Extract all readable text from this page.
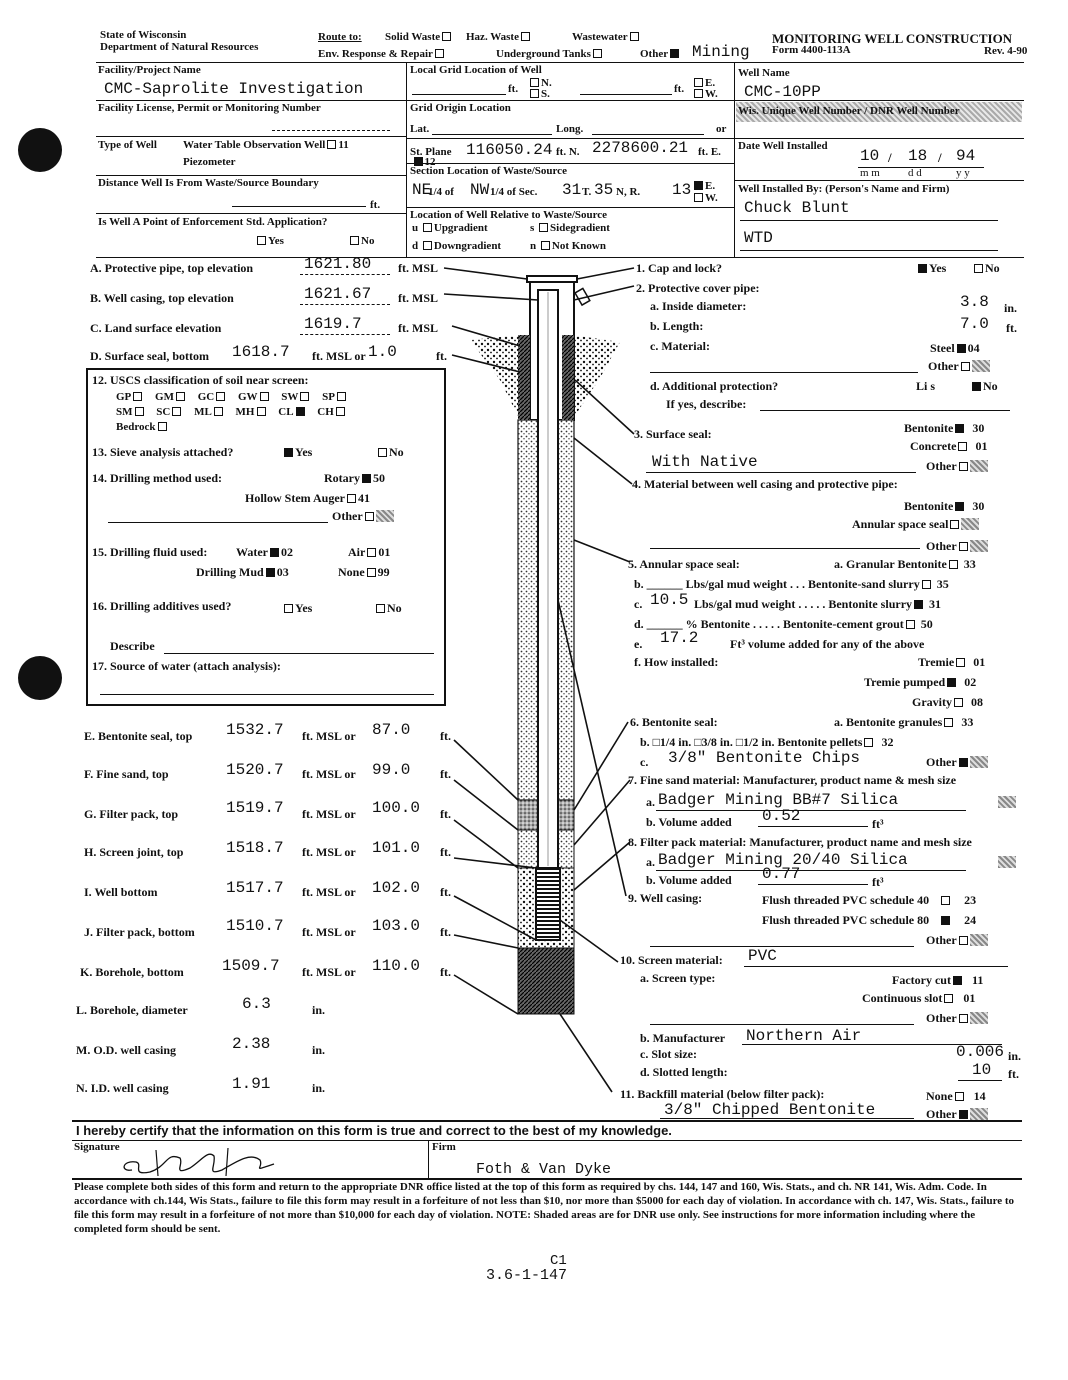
State of Wisconsin
Department of Natural Resources
Route to: Solid Waste	Haz. Waste	Wastewater
Env. Response & Repair	Underground Tanks	Other	Mining
MONITORING WELL CONSTRUCTION
Form 4400-113A	Rev. 4-90
Facility/Project Name
CMC-Saprolite Investigation
Facility License, Permit or Monitoring Number
Type of Well Water Table Observation Well 11
Piezometer	12
Distance Well Is From Waste/Source Boundary
ft.
Is Well A Point of Enforcement Std. Application?
Yes	No
Local Grid Location of Well
ft.	N.
S.	ft.	E.
W.
Grid Origin Location
Lat.	Long.	or
St. Plane 116050.24 ft. N. 2278600.21 ft. E.
Section Location of Waste/Source
NE
1/4 of NW 1/4 of Sec. 31 T. 35 N, R. 13	E.
W.
Location of Well Relative to Waste/Source
u Upgradient	s Sidegradient
d Downgradient	n Not Known
Well Name
CMC-10PP
Wis. Unique Well Number / DNR Well Number
Date Well Installed
10 18 94
/	/
m m	d d	y y
Well Installed By: (Person's Name and Firm)
Chuck Blunt
WTD
A. Protective pipe, top elevation	1621.80 ft. MSL
B. Well casing, top elevation	1621.67 ft. MSL
C. Land surface elevation	1619.7	ft. MSL
D. Surface seal, bottom 1618.7 ft. MSL or 1.0	ft.
12. USCS classification of soil near screen:
GP GM GC GW SW SP
SM SC ML MH CL CH
Bedrock
13. Sieve analysis attached?	Yes	No
14. Drilling method used:	Rotary 50
Hollow Stem Auger 41
Other
15. Drilling fluid used: Water 02	Air 01
Drilling Mud 03	None 99
16. Drilling additives used?	Yes	No
Describe
17. Source of water (attach analysis):
E. Bentonite seal, top 1532.7 ft. MSL or 87.0 ft.
F. Fine sand, top	1520.7 ft. MSL or 99.0 ft.
G. Filter pack, top	1519.7 ft. MSL or 100.0 ft.
H. Screen joint, top	1518.7 ft. MSL or 101.0 ft.
I. Well bottom	1517.7 ft. MSL or 102.0 ft.
J. Filter pack, bottom 1510.7 ft. MSL or 103.0 ft.
K. Borehole, bottom 1509.7 ft. MSL or 110.0 ft.
L. Borehole, diameter	6.3	in.
M. O.D. well casing	2.38	in.
N. I.D. well casing	1.91	in.
1. Cap and lock?	Yes	No
2. Protective cover pipe:
a. Inside diameter:	3.8 in.
b. Length:	7.0 ft.
c. Material:	Steel 04
Other
d. Additional protection?	Li s	No
If yes, describe:
3. Surface seal:	Bentonite 30
Concrete 01
With Native	Other
4. Material between well casing and protective pipe:
Bentonite 30
Annular space seal
Other
5. Annular space seal:	a. Granular Bentonite 33
b. ______ Lbs/gal mud weight . . . Bentonite-sand slurry 35
c. 10.5 Lbs/gal mud weight . . . . . Bentonite slurry 31
d. ______ % Bentonite . . . . . Bentonite-cement grout 50
e. 17.2	Ft³ volume added for any of the above
f. How installed:	Tremie 01
Tremie pumped 02
Gravity 08
6. Bentonite seal:	a. Bentonite granules 33
b. □1/4 in. □3/8 in. □1/2 in. Bentonite pellets 32
c. 3/8" Bentonite Chips	Other
7. Fine sand material: Manufacturer, product name & mesh size
a. Badger Mining BB#7 Silica
b. Volume added 0.52	ft³
8. Filter pack material: Manufacturer, product name and mesh size
a. Badger Mining 20/40 Silica
b. Volume added 0.77	ft³
9. Well casing:	Flush threaded PVC schedule 40	23
Flush threaded PVC schedule 80	24
Other
10. Screen material: PVC
a. Screen type:	Factory cut 11
Continuous slot 01
Other
b. Manufacturer Northern Air
c. Slot size:	0.006 in.
d. Slotted length:	10 ft.
11. Backfill material (below filter pack):	None 14
3/8" Chipped Bentonite	Other
I hereby certify that the information on this form is true and correct to the best of my knowledge.
Signature	Firm
Foth & Van Dyke
Please complete both sides of this form and return to the appropriate DNR office listed at the top of this form as required by chs. 144, 147 and 160, Wis. Stats., and ch. NR 141, Wis. Adm. Code. In accordance with ch.144, Wis Stats., failure to file this form may result in a forfeiture of not less than $10, nor more than $5000 for each day of violation. In accordance with ch. 147, Wis. Stats., failure to file this form may result in a forfeiture of not more than $10,000 for each day of violation. NOTE: Shaded areas are for DNR use only. See instructions for more information including where the completed form should be sent.
C1
3.6-1-147
